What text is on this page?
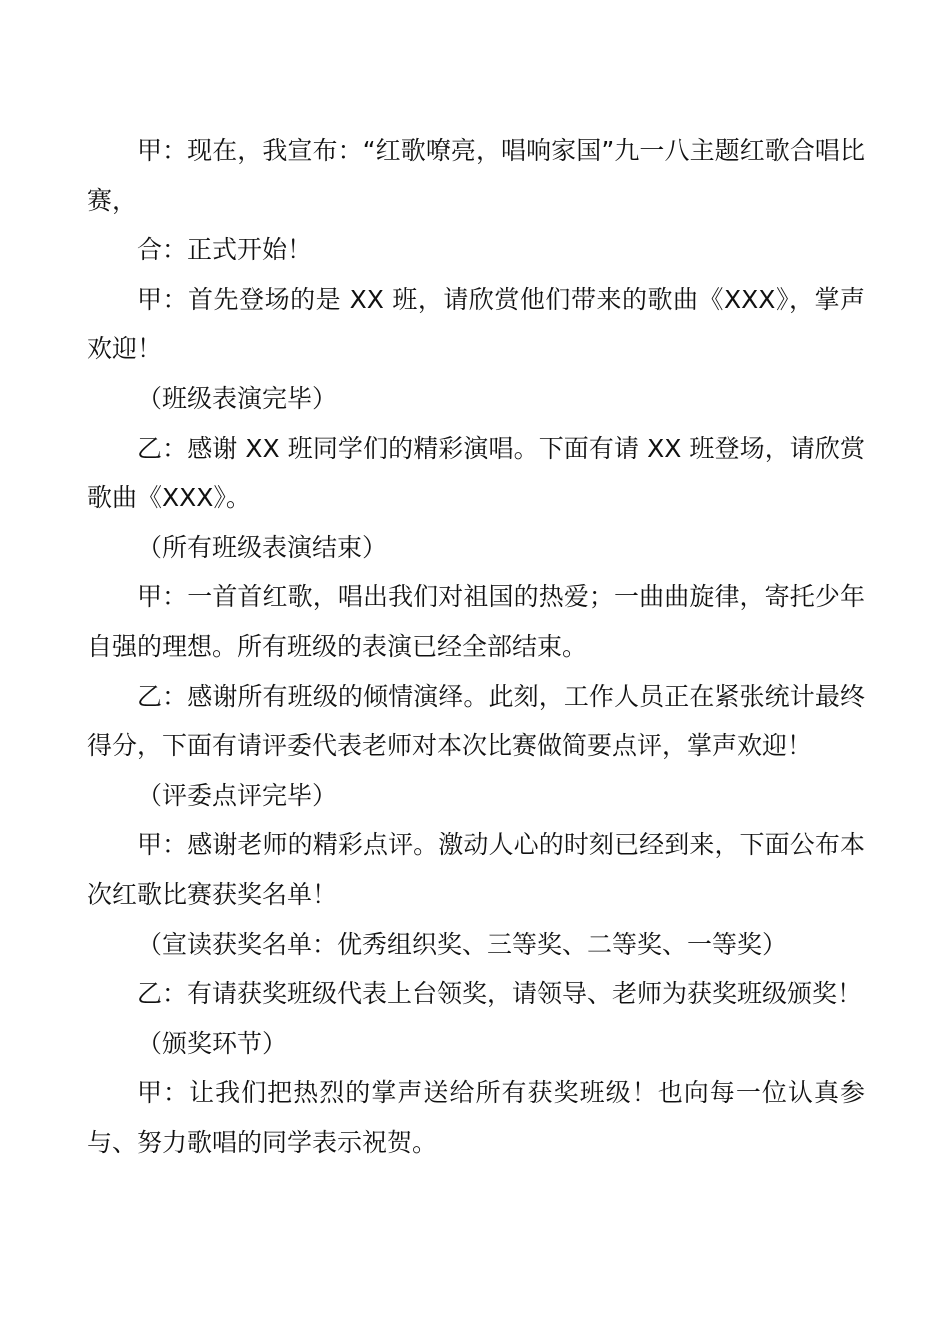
甲：现在，我宣布：“红歌嘹亮，唱响家国”九一八主题红歌合唱比赛，

合：正式开始！

甲：首先登场的是 XX 班，请欣赏他们带来的歌曲《XXX》，掌声欢迎！

（班级表演完毕）

乙：感谢 XX 班同学们的精彩演唱。下面有请 XX 班登场，请欣赏歌曲《XXX》。

（所有班级表演结束）

甲：一首首红歌，唱出我们对祖国的热爱；一曲曲旋律，寄托少年自强的理想。所有班级的表演已经全部结束。

乙：感谢所有班级的倾情演绎。此刻，工作人员正在紧张统计最终得分，下面有请评委代表老师对本次比赛做简要点评，掌声欢迎！

（评委点评完毕）

甲：感谢老师的精彩点评。激动人心的时刻已经到来，下面公布本次红歌比赛获奖名单！

（宣读获奖名单：优秀组织奖、三等奖、二等奖、一等奖）

乙：有请获奖班级代表上台领奖，请领导、老师为获奖班级颁奖！

（颁奖环节）

甲：让我们把热烈的掌声送给所有获奖班级！也向每一位认真参与、努力歌唱的同学表示祝贺。
